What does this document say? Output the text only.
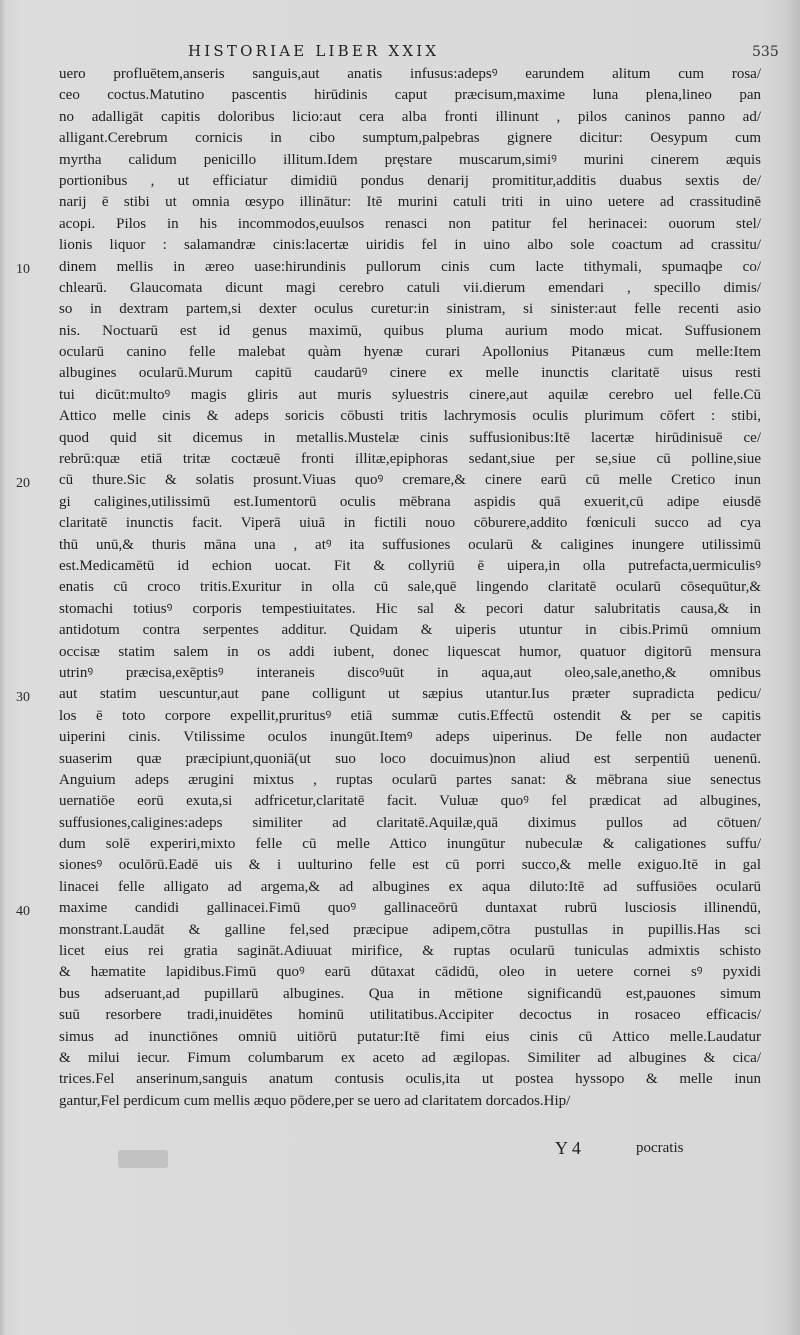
HISTORIAE LIBER XXIX	535
10
20
30
40
uero profluētem,anseris sanguis,aut anatis infusus:adepsꝰ earundem alitum cum rosa/
ceo coctus.Matutino pascentis hirūdinis caput præcisum,maxime luna plena,lineo pan
no adalligāt capitis doloribus licio:aut cera alba fronti illinunt , pilos caninos panno ad/
alligant.Cerebrum cornicis in cibo sumptum,palpebras gignere dicitur: Oesypum cum
myrtha calidum penicillo illitum.Idem pręstare muscarum,simiꝰ murini cinerem æquis
portionibus , ut efficiatur dimidiū pondus denarij promititur,additis duabus sextis de/
narij ē stibi ut omnia œsypo illinātur: Itē murini catuli triti in uino uetere ad crassitudinē
acopi. Pilos in his incommodos,euulsos renasci non patitur fel herinacei: ouorum stel/
lionis liquor : salamandræ cinis:lacertæ uiridis fel in uino albo sole coactum ad crassitu/
dinem mellis in æreo uase:hirundinis pullorum cinis cum lacte tithymali, spumaqþe co/
chlearū. Glaucomata dicunt magi cerebro catuli vii.dierum emendari , specillo dimis/
so in dextram partem,si dexter oculus curetur:in sinistram, si sinister:aut felle recenti asio
nis. Noctuarū est id genus maximū, quibus pluma aurium modo micat. Suffusionem
ocularū canino felle malebat quàm hyenæ curari Apollonius Pitanæus cum melle:Item
albugines ocularū.Murum capitū caudarūꝰ cinere ex melle inunctis claritatē uisus resti
tui dicūt:multoꝰ magis gliris aut muris syluestris cinere,aut aquilæ cerebro uel felle.Cū
Attico melle cinis & adeps soricis cōbusti tritis lachrymosis oculis plurimum cōfert : stibi,
quod quid sit dicemus in metallis.Mustelæ cinis suffusionibus:Itē lacertæ hirūdinisuē ce/
rebrū:quæ etiā tritæ coctæuē fronti illitæ,epiphoras sedant,siue per se,siue cū polline,siue
cū thure.Sic & solatis prosunt.Viuas quoꝰ cremare,& cinere earū cū melle Cretico inun
gi caligines,utilissimū est.Iumentorū oculis mēbrana aspidis quā exuerit,cū adipe eiusdē
claritatē inunctis facit. Viperā uiuā in fictili nouo cōburere,addito fœniculi succo ad cya
thū unū,& thuris māna una , atꝰ ita suffusiones ocularū & caligines inungere utilissimū
est.Medicamētū id echion uocat. Fit & collyriū ē uipera,in olla putrefacta,uermiculisꝰ
enatis cū croco tritis.Exuritur in olla cū sale,quē lingendo claritatē ocularū cōsequūtur,&
stomachi totiusꝰ corporis tempestiuitates. Hic sal & pecori datur salubritatis causa,& in
antidotum contra serpentes additur. Quidam & uiperis utuntur in cibis.Primū omnium
occisæ statim salem in os addi iubent, donec liquescat humor, quatuor digitorū mensura
utrinꝰ præcisa,exēptisꝰ interaneis discoꝰuūt in aqua,aut oleo,sale,anetho,& omnibus
aut statim uescuntur,aut pane colligunt ut sæpius utantur.Ius præter supradicta pedicu/
los ē toto corpore expellit,pruritusꝰ etiā summæ cutis.Effectū ostendit & per se capitis
uiperini cinis. Vtilissime oculos inungūt.Itemꝰ adeps uiperinus. De felle non audacter
suaserim quæ præcipiunt,quoniā(ut suo loco docuimus)non aliud est serpentiū uenenū.
Anguium adeps ærugini mixtus , ruptas ocularū partes sanat: & mēbrana siue senectus
uernatiōe eorū exuta,si adfricetur,claritatē facit. Vuluæ quoꝰ fel prædicat ad albugines,
suffusiones,caligines:adeps similiter ad claritatē.Aquilæ,quā diximus pullos ad cōtuen/
dum solē experiri,mixto felle cū melle Attico inungūtur nubeculæ & caligationes suffu/
sionesꝰ oculōrū.Eadē uis & i uulturino felle est cū porri succo,& melle exiguo.Itē in gal
linacei felle alligato ad argema,& ad albugines ex aqua diluto:Itē ad suffusiōes ocularū
maxime candidi gallinacei.Fimū quoꝰ gallinaceōrū duntaxat rubrū lusciosis illinendū,
monstrant.Laudāt & galline fel,sed præcipue adipem,cōtra pustullas in pupillis.Has sci
licet eius rei gratia sagināt.Adiuuat mirifice, & ruptas ocularū tuniculas admixtis schisto
& hæmatite lapidibus.Fimū quoꝰ earū dūtaxat cādidū, oleo in uetere cornei sꝰ pyxidi
bus adseruant,ad pupillarū albugines. Qua in mētione significandū est,pauones simum
suū resorbere tradi,inuidētes hominū utilitatibus.Accipiter decoctus in rosaceo efficacis/
simus ad inunctiōnes omniū uitiōrū putatur:Itē fimi eius cinis cū Attico melle.Laudatur
& milui iecur. Fimum columbarum ex aceto ad ægilopas. Similiter ad albugines & cica/
trices.Fel anserinum,sanguis anatum contusis oculis,ita ut postea hyssopo & melle inun
gantur,Fel perdicum cum mellis æquo pōdere,per se uero ad claritatem dorcados.Hip/
Y 4	pocratis
